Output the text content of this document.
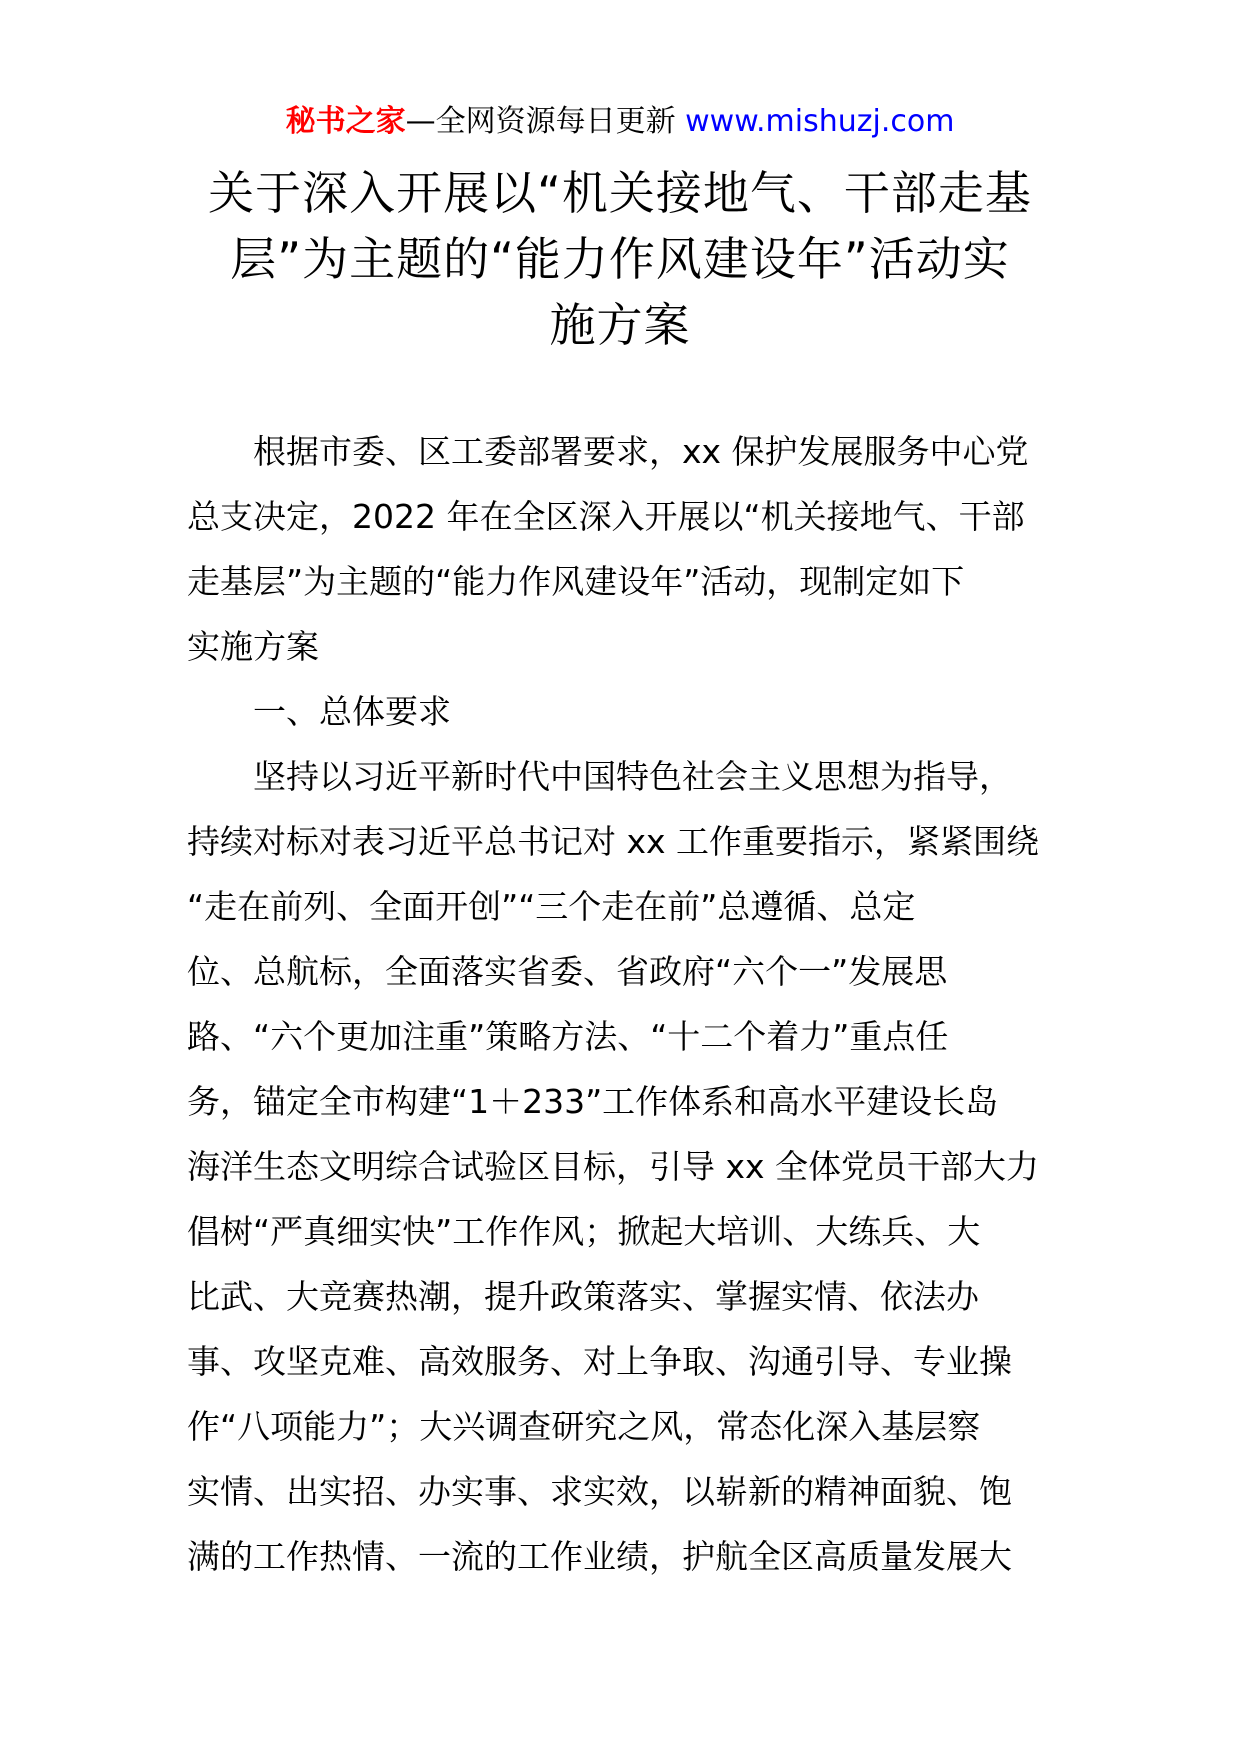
秘书之家—全网资源每日更新 www.mishuzj.com
关于深入开展以“机关接地气、干部走基
层”为主题的“能力作风建设年”活动实
施方案
根据市委、区工委部署要求，xx 保护发展服务中心党
总支决定，2022 年在全区深入开展以“机关接地气、干部
走基层”为主题的“能力作风建设年”活动，现制定如下
实施方案
一、总体要求
坚持以习近平新时代中国特色社会主义思想为指导，
持续对标对表习近平总书记对 xx 工作重要指示，紧紧围绕
“走在前列、全面开创”“三个走在前”总遵循、总定
位、总航标，全面落实省委、省政府“六个一”发展思
路、“六个更加注重”策略方法、“十二个着力”重点任
务，锚定全市构建“1＋233”工作体系和高水平建设长岛
海洋生态文明综合试验区目标，引导 xx 全体党员干部大力
倡树“严真细实快”工作作风；掀起大培训、大练兵、大
比武、大竞赛热潮，提升政策落实、掌握实情、依法办
事、攻坚克难、高效服务、对上争取、沟通引导、专业操
作“八项能力”；大兴调查研究之风，常态化深入基层察
实情、出实招、办实事、求实效，以崭新的精神面貌、饱
满的工作热情、一流的工作业绩，护航全区高质量发展大
